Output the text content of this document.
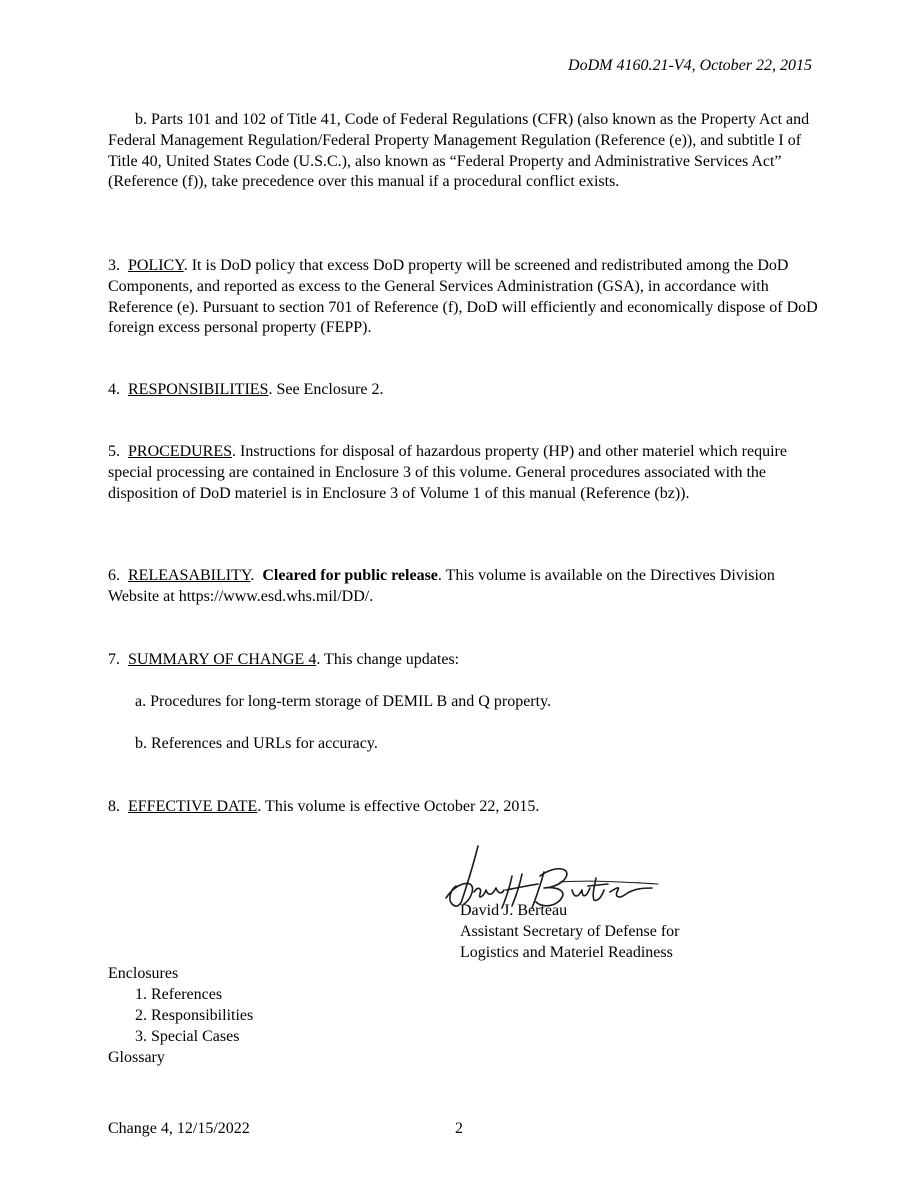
DoDM 4160.21-V4, October 22, 2015
b. Parts 101 and 102 of Title 41, Code of Federal Regulations (CFR) (also known as the Property Act and Federal Management Regulation/Federal Property Management Regulation (Reference (e)), and subtitle I of Title 40, United States Code (U.S.C.), also known as “Federal Property and Administrative Services Act” (Reference (f)), take precedence over this manual if a procedural conflict exists.
3. POLICY. It is DoD policy that excess DoD property will be screened and redistributed among the DoD Components, and reported as excess to the General Services Administration (GSA), in accordance with Reference (e). Pursuant to section 701 of Reference (f), DoD will efficiently and economically dispose of DoD foreign excess personal property (FEPP).
4. RESPONSIBILITIES. See Enclosure 2.
5. PROCEDURES. Instructions for disposal of hazardous property (HP) and other materiel which require special processing are contained in Enclosure 3 of this volume. General procedures associated with the disposition of DoD materiel is in Enclosure 3 of Volume 1 of this manual (Reference (bz)).
6. RELEASABILITY.  Cleared for public release. This volume is available on the Directives Division Website at https://www.esd.whs.mil/DD/.
7. SUMMARY OF CHANGE 4. This change updates:
a. Procedures for long-term storage of DEMIL B and Q property.
b. References and URLs for accuracy.
8. EFFECTIVE DATE. This volume is effective October 22, 2015.
David J. Berteau
Assistant Secretary of Defense for
Logistics and Materiel Readiness
Enclosures
1. References
2. Responsibilities
3. Special Cases
Glossary
Change 4, 12/15/2022	2
